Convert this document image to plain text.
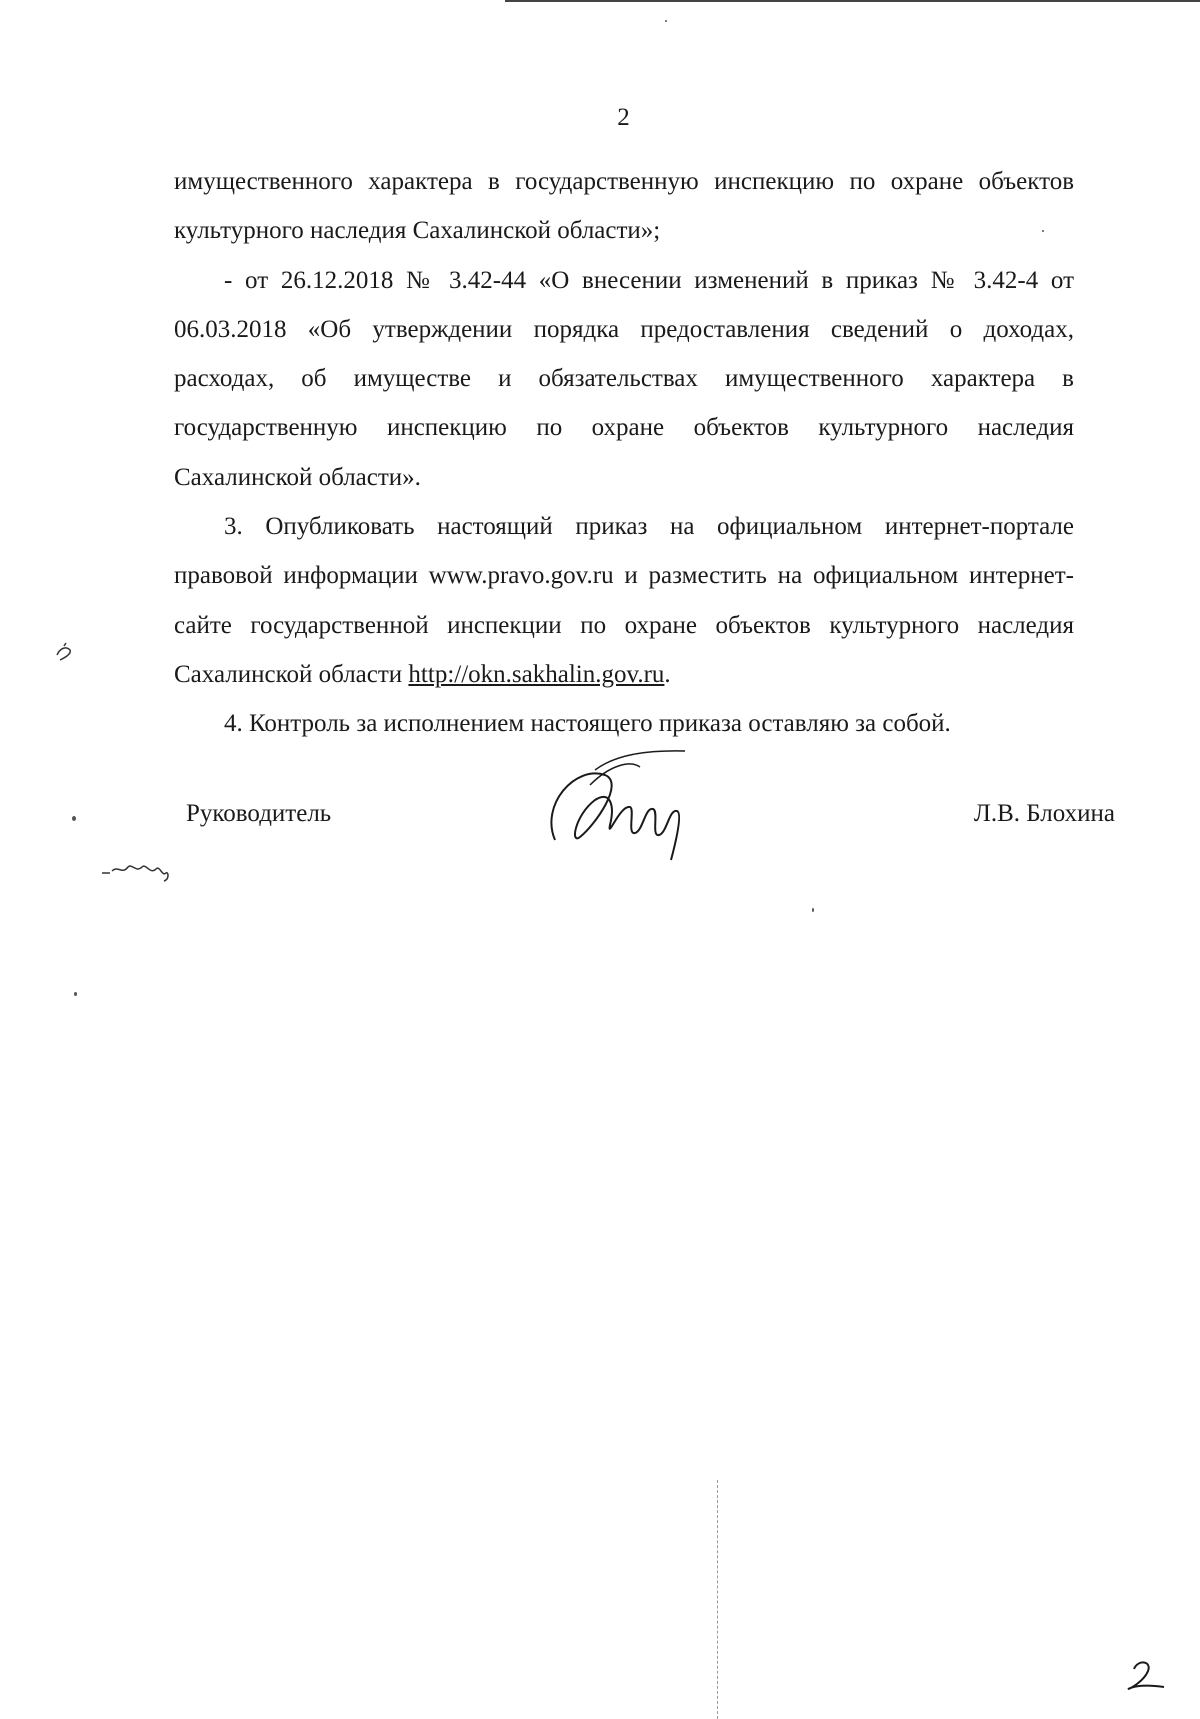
2

имущественного характера в государственную инспекцию по охране объектов культурного наследия Сахалинской области»;

- от 26.12.2018 № 3.42-44 «О внесении изменений в приказ № 3.42-4 от 06.03.2018 «Об утверждении порядка предоставления сведений о доходах, расходах, об имуществе и обязательствах имущественного характера в государственную инспекцию по охране объектов культурного наследия Сахалинской области».

3. Опубликовать настоящий приказ на официальном интернет-портале правовой информации www.pravo.gov.ru и разместить на официальном интернет-сайте государственной инспекции по охране объектов культурного наследия Сахалинской области http://okn.sakhalin.gov.ru.

4. Контроль за исполнением настоящего приказа оставляю за собой.

Руководитель	Л.В. Блохина
